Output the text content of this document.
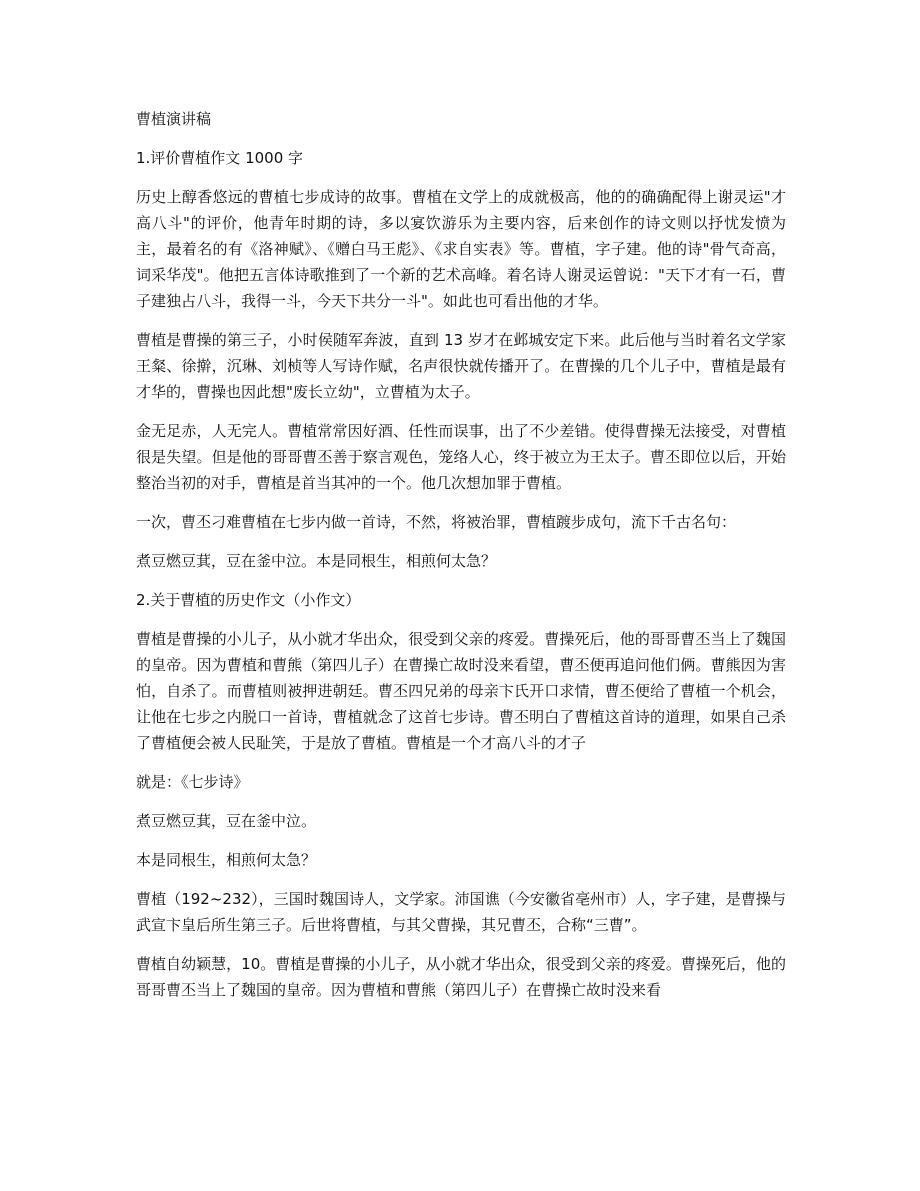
曹植演讲稿

1.评价曹植作文 1000 字

历史上醇香悠远的曹植七步成诗的故事。曹植在文学上的成就极高，他的的确确配得上谢灵运"才高八斗"的评价，他青年时期的诗，多以宴饮游乐为主要内容，后来创作的诗文则以抒忧发愤为主，最着名的有《洛神赋》、《赠白马王彪》、《求自实表》等。曹植，字子建。他的诗"骨气奇高，词采华茂"。他把五言体诗歌推到了一个新的艺术高峰。着名诗人谢灵运曾说："天下才有一石，曹子建独占八斗，我得一斗，今天下共分一斗"。如此也可看出他的才华。

曹植是曹操的第三子，小时侯随军奔波，直到 13 岁才在邺城安定下来。此后他与当时着名文学家王粲、徐擀，沉琳、刘桢等人写诗作赋，名声很快就传播开了。在曹操的几个儿子中，曹植是最有才华的，曹操也因此想"废长立幼"，立曹植为太子。

金无足赤，人无完人。曹植常常因好酒、任性而误事，出了不少差错。使得曹操无法接受，对曹植很是失望。但是他的哥哥曹丕善于察言观色，笼络人心，终于被立为王太子。曹丕即位以后，开始整治当初的对手，曹植是首当其冲的一个。他几次想加罪于曹植。

一次，曹丕刁难曹植在七步内做一首诗，不然，将被治罪，曹植踱步成句，流下千古名句：

煮豆燃豆萁，豆在釜中泣。本是同根生，相煎何太急？

2.关于曹植的历史作文（小作文）

曹植是曹操的小儿子，从小就才华出众，很受到父亲的疼爱。曹操死后，他的哥哥曹丕当上了魏国的皇帝。因为曹植和曹熊（第四儿子）在曹操亡故时没来看望，曹丕便再追问他们俩。曹熊因为害怕，自杀了。而曹植则被押进朝廷。曹丕四兄弟的母亲卞氏开口求情，曹丕便给了曹植一个机会，让他在七步之内脱口一首诗，曹植就念了这首七步诗。曹丕明白了曹植这首诗的道理，如果自己杀了曹植便会被人民耻笑，于是放了曹植。曹植是一个才高八斗的才子

就是：《七步诗》

煮豆燃豆萁，豆在釜中泣。

本是同根生，相煎何太急？

曹植（192~232），三国时魏国诗人，文学家。沛国谯（今安徽省亳州市）人，字子建，是曹操与武宣卞皇后所生第三子。后世将曹植，与其父曹操，其兄曹丕，合称“三曹”。

曹植自幼颖慧，10。曹植是曹操的小儿子，从小就才华出众，很受到父亲的疼爱。曹操死后，他的哥哥曹丕当上了魏国的皇帝。因为曹植和曹熊（第四儿子）在曹操亡故时没来看
